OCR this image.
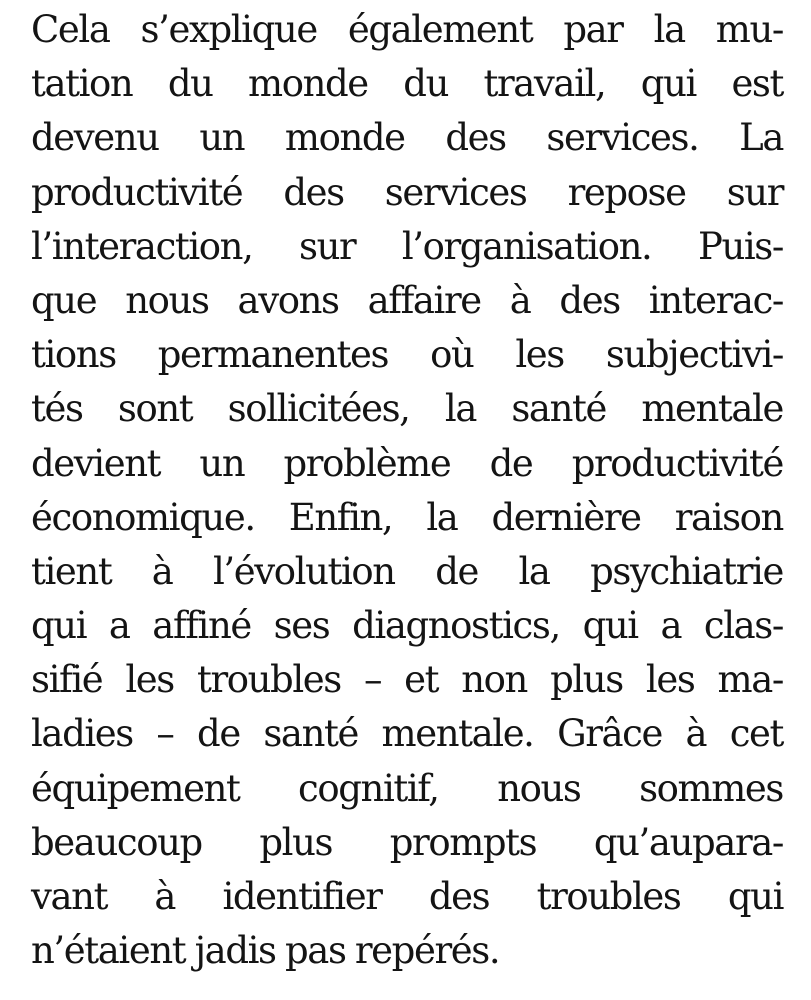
Cela s’explique également par la mu-
tation du monde du travail, qui est
devenu un monde des services. La
productivité des services repose sur
l’interaction, sur l’organisation. Puis-
que nous avons affaire à des interac-
tions permanentes où les subjectivi-
tés sont sollicitées, la santé mentale
devient un problème de productivité
économique. Enfin, la dernière raison
tient à l’évolution de la psychiatrie
qui a affiné ses diagnostics, qui a clas-
sifié les troubles – et non plus les ma-
ladies – de santé mentale. Grâce à cet
équipement cognitif, nous sommes
beaucoup plus prompts qu’aupara-
vant à identifier des troubles qui
n’étaient jadis pas repérés.
